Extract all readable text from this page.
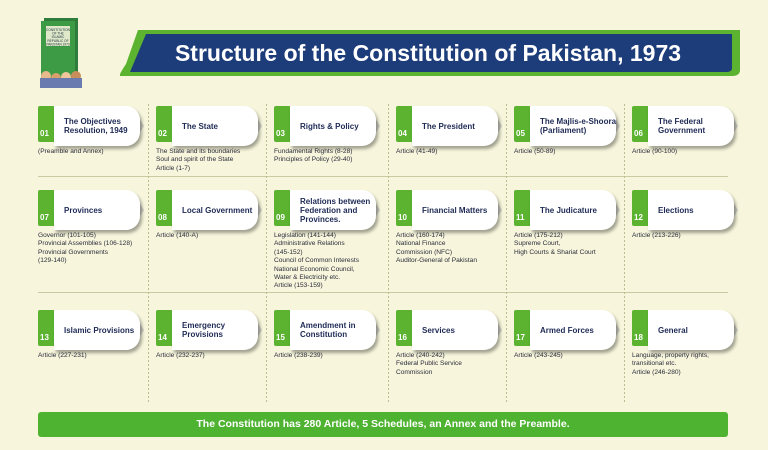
CONSTITUTION OF THE ISLAMIC REPUBLIC OF PAKISTAN 1973	Structure of the Constitution of Pakistan, 1973
01
The Objectives Resolution, 1949
(Preamble and Annex)
02
The State
The State and its boundaries
Soul and spirit of the State
Article (1-7)
03
Rights & Policy
Fundamental Rights (8-28)
Principles of Policy (29-40)
04
The President
Article (41-49)
05
The Majlis-e-Shoora (Parliament)
Article (50-89)
06
The Federal Government
Article (90-100)
07
Provinces
Governor (101-105)
Provincial Assemblies (106-128)
Provincial Governments
(129-140)
08
Local Government
Article (140-A)
09
Relations between Federation and Provinces.
Legislation (141-144)
Administrative Relations
(145-152)
Council of Common Interests
National Economic Council,
Water & Electricity etc.
Article (153-159)
10
Financial Matters
Article (160-174)
National Finance
Commission (NFC)
Auditor-General of Pakistan
11
The Judicature
Article (175-212)
Supreme Court,
High Courts & Shariat Court
12
Elections
Article (213-226)
13
Islamic Provisions
Article (227-231)
14
Emergency Provisions
Article (232-237)
15
Amendment in Constitution
Article (238-239)
16
Services
Article (240-242)
Federal Public Service
Commission
17
Armed Forces
Article (243-245)
18
General
Language, property rights,
transitional etc.
Article (246-280)
The Constitution has 280 Article, 5 Schedules, an Annex and the Preamble.
